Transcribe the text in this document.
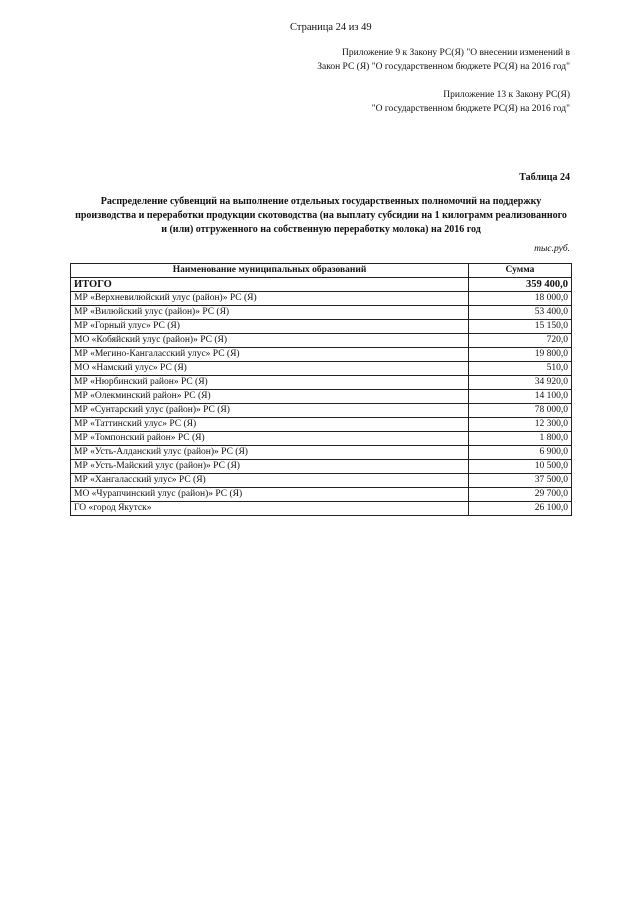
Страница 24 из 49
Приложение 9 к Закону РС(Я) "О внесении изменений в
Закон РС (Я) "О государственном бюджете РС(Я) на 2016 год"
Приложение 13 к Закону РС(Я)
"О государственном бюджете РС(Я) на 2016 год"
Таблица 24
Распределение субвенций на выполнение отдельных государственных полномочий на поддержку производства и переработки продукции скотоводства (на выплату субсидии на 1 килограмм реализованного и (или) отгруженного на собственную переработку молока) на 2016 год
тыс.руб.
Наименование муниципальных образований	Сумма
ИТОГО	359 400,0
МР «Верхневилюйский улус (район)» РС (Я)	18 000,0
МР «Вилюйский улус (район)» РС (Я)	53 400,0
МР «Горный улус» РС (Я)	15 150,0
МО «Кобяйский улус (район)» РС (Я)	720,0
МР «Мегино-Кангаласский улус» РС (Я)	19 800,0
МО «Намский улус» РС (Я)	510,0
МР «Нюрбинский район» РС (Я)	34 920,0
МР «Олекминский район» РС (Я)	14 100,0
МР «Сунтарский улус (район)» РС (Я)	78 000,0
МР «Таттинский улус» РС (Я)	12 300,0
МР «Томпонский район» РС (Я)	1 800,0
МР «Усть-Алданский улус (район)» РС (Я)	6 900,0
МР «Усть-Майский улус (район)» РС (Я)	10 500,0
МР «Хангаласский улус» РС (Я)	37 500,0
МО «Чурапчинский улус (район)» РС (Я)	29 700,0
ГО «город Якутск»	26 100,0
